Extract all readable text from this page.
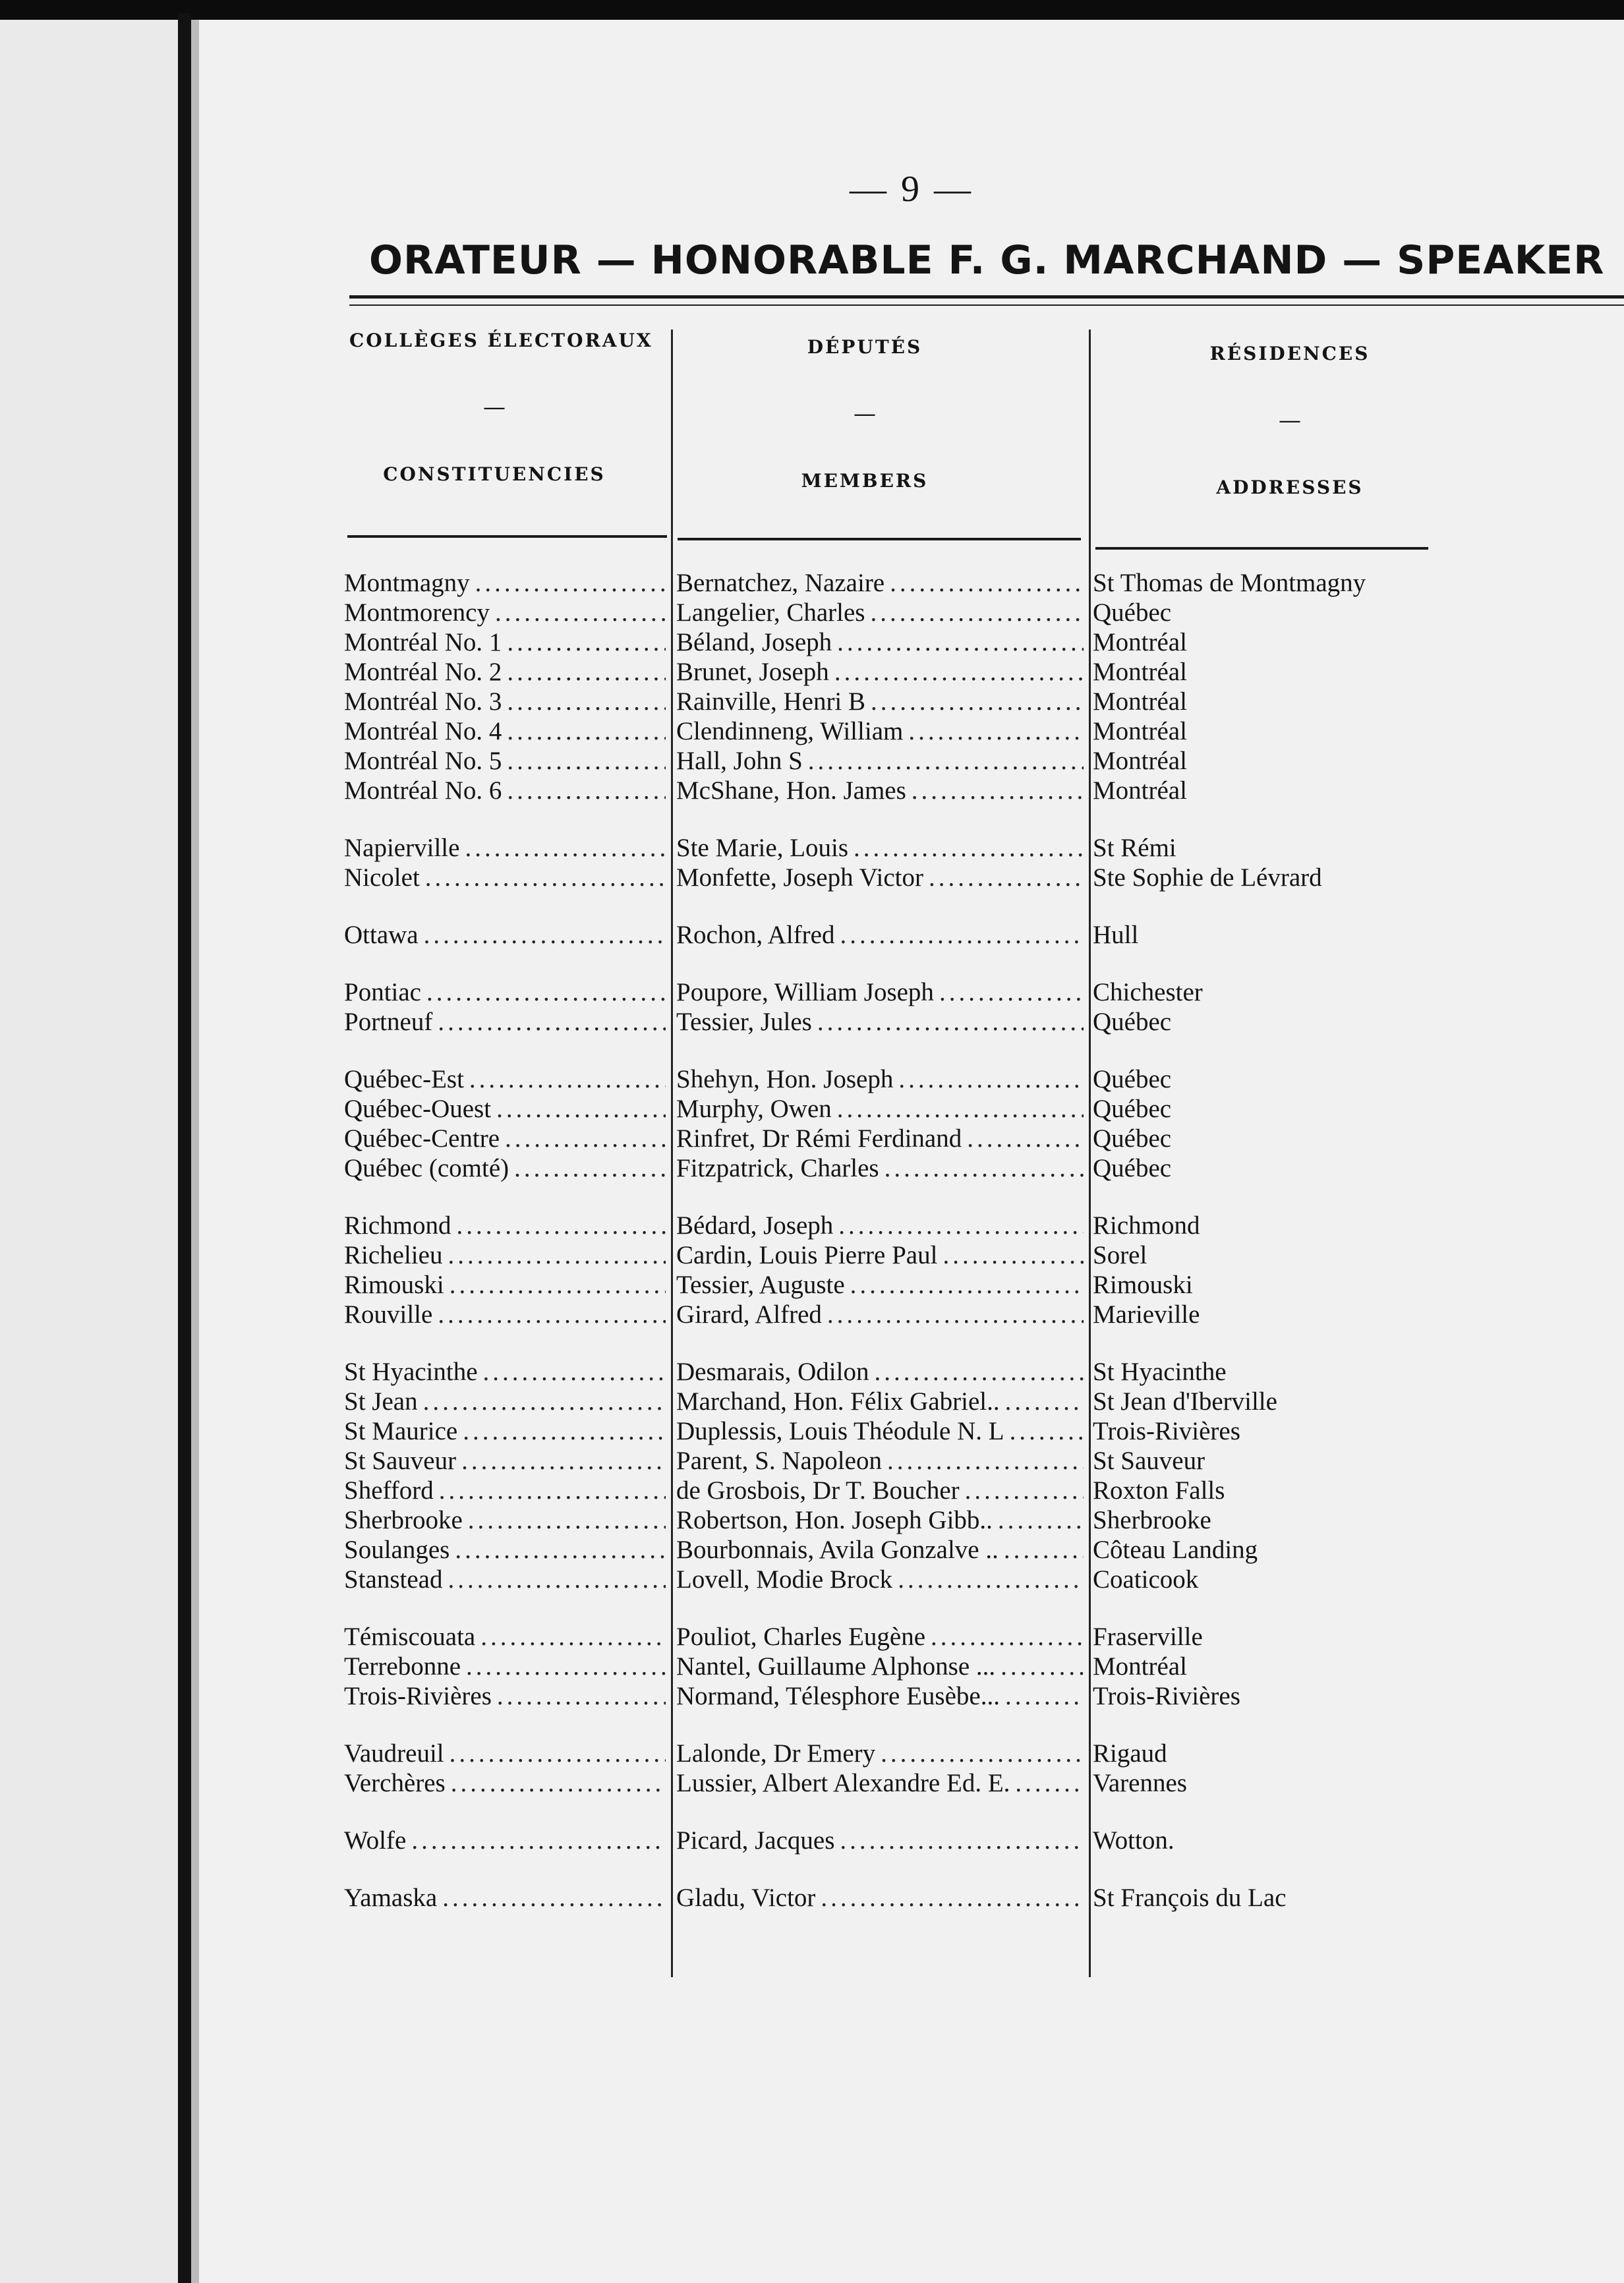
— 9 —
ORATEUR — HONORABLE F. G. MARCHAND — SPEAKER
COLLÈGES ÉLECTORAUX
—
CONSTITUENCIES
DÉPUTÉS
—
MEMBERS
RÉSIDENCES
—
ADDRESSES
Montmagny
.....
Montmorency
.....
Montréal No. 1
.....
Montréal No. 2
.....
Montréal No. 3
.....
Montréal No. 4
.....
Montréal No. 5
.....
Montréal No. 6
.....
Napierville
.....
Nicolet
.....
Ottawa
.....
Pontiac
.....
Portneuf
.....
Québec-Est
.....
Québec-Ouest
.....
Québec-Centre
.....
Québec (comté)
.....
Richmond
.....
Richelieu
.....
Rimouski
.....
Rouville
.....
St Hyacinthe
.....
St Jean
.....
St Maurice
.....
St Sauveur
.....
Shefford
.....
Sherbrooke
.....
Soulanges
.....
Stanstead
.....
Témiscouata
.....
Terrebonne
.....
Trois-Rivières
.....
Vaudreuil
.....
Verchères
.....
Wolfe
.....
Yamaska
.....
Bernatchez, Nazaire
.....
Langelier, Charles
.....
Béland, Joseph
.....
Brunet, Joseph
.....
Rainville, Henri B
.....
Clendinneng, William
.....
Hall, John S
.....
McShane, Hon. James
.....
Ste Marie, Louis
.....
Monfette, Joseph Victor
.....
Rochon, Alfred
.....
Poupore, William Joseph
.....
Tessier, Jules
.....
Shehyn, Hon. Joseph
.....
Murphy, Owen
.....
Rinfret, Dr Rémi Ferdinand
.....
Fitzpatrick, Charles
.....
Bédard, Joseph
.....
Cardin, Louis Pierre Paul
.....
Tessier, Auguste
.....
Girard, Alfred
.....
Desmarais, Odilon
.....
Marchand, Hon. Félix Gabriel..
.....
Duplessis, Louis Théodule N. L
.....
Parent, S. Napoleon
.....
de Grosbois, Dr T. Boucher
.....
Robertson, Hon. Joseph Gibb..
.....
Bourbonnais, Avila Gonzalve ..
.....
Lovell, Modie Brock
.....
Pouliot, Charles Eugène
.....
Nantel, Guillaume Alphonse ...
.....
Normand, Télesphore Eusèbe...
.....
Lalonde, Dr Emery
.....
Lussier, Albert Alexandre Ed. E.
.....
Picard, Jacques
.....
Gladu, Victor
.....
St Thomas de Montmagny
Québec
Montréal
Montréal
Montréal
Montréal
Montréal
Montréal
St Rémi
Ste Sophie de Lévrard
Hull
Chichester
Québec
Québec
Québec
Québec
Québec
Richmond
Sorel
Rimouski
Marieville
St Hyacinthe
St Jean d'Iberville
Trois-Rivières
St Sauveur
Roxton Falls
Sherbrooke
Côteau Landing
Coaticook
Fraserville
Montréal
Trois-Rivières
Rigaud
Varennes
Wotton.
St François du Lac
